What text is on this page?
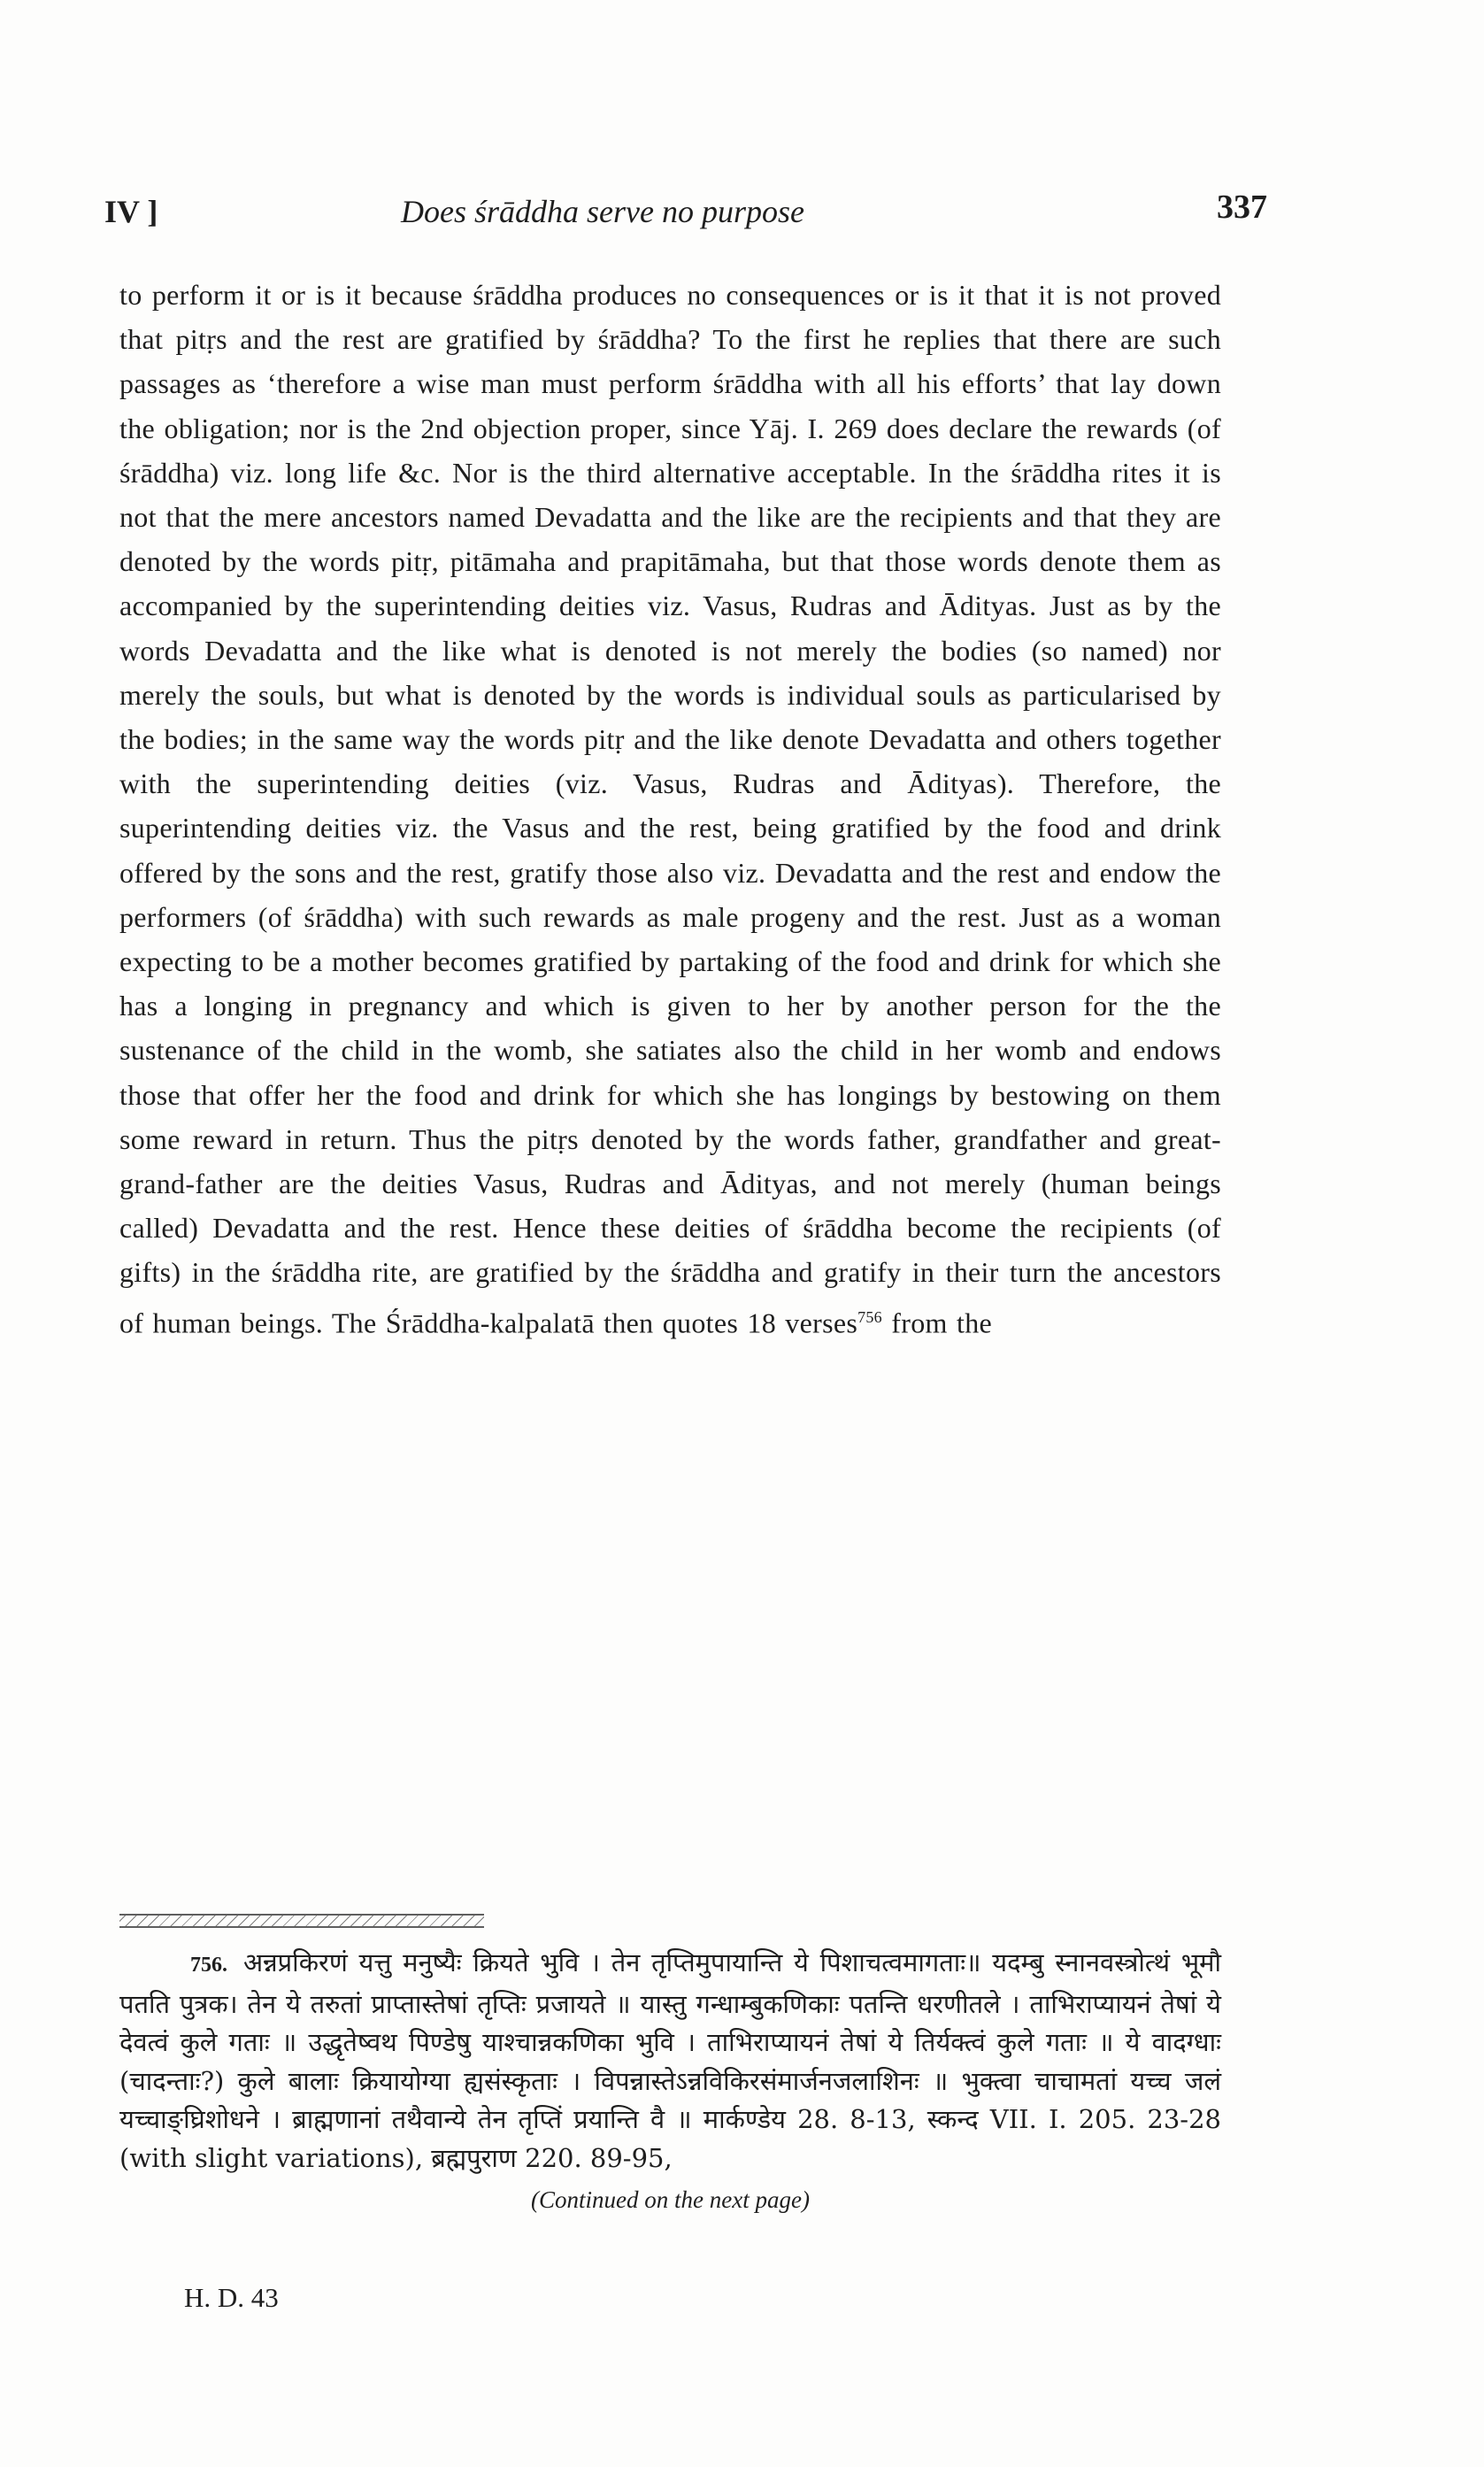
IV ]	Does śrāddha serve no purpose	337

to perform it or is it because śrāddha produces no consequences or is it that it is not proved that pitṛs and the rest are gratified by śrāddha? To the first he replies that there are such passages as ‘therefore a wise man must perform śrāddha with all his efforts’ that lay down the obligation; nor is the 2nd objection proper, since Yāj. I. 269 does declare the rewards (of śrāddha) viz. long life &c. Nor is the third alternative acceptable. In the śrāddha rites it is not that the mere ancestors named Devadatta and the like are the recipients and that they are denoted by the words pitṛ, pitāmaha and prapitāmaha, but that those words denote them as accompanied by the superintending deities viz. Vasus, Rudras and Ādityas. Just as by the words Devadatta and the like what is denoted is not merely the bodies (so named) nor merely the souls, but what is denoted by the words is individual souls as particularised by the bodies; in the same way the words pitṛ and the like denote Devadatta and others together with the superintending deities (viz. Vasus, Rudras and Ādityas). Therefore, the superintending deities viz. the Vasus and the rest, being gratified by the food and drink offered by the sons and the rest, gratify those also viz. Devadatta and the rest and endow the performers (of śrāddha) with such rewards as male progeny and the rest. Just as a woman expecting to be a mother becomes gratified by partaking of the food and drink for which she has a longing in pregnancy and which is given to her by another person for the the sustenance of the child in the womb, she satiates also the child in her womb and endows those that offer her the food and drink for which she has longings by bestowing on them some reward in return. Thus the pitṛs denoted by the words father, grandfather and great-grand-father are the deities Vasus, Rudras and Ādityas, and not merely (human beings called) Devadatta and the rest. Hence these deities of śrāddha become the recipients (of gifts) in the śrāddha rite, are gratified by the śrāddha and gratify in their turn the ancestors of human beings. The Śrāddha-kalpalatā then quotes 18 verses$^{756}$ from the

756. अन्नप्रकिरणं यत्तु मनुष्यैः क्रियते भुवि । तेन तृप्तिमुपायान्ति ये पिशाचत्वमागताः॥ यदम्बु स्नानवस्त्रोत्थं भूमौ पतति पुत्रक। तेन ये तरुतां प्राप्तास्तेषां तृप्तिः प्रजायते ॥ यास्तु गन्धाम्बुकणिकाः पतन्ति धरणीतले । ताभिराप्यायनं तेषां ये देवत्वं कुले गताः ॥ उद्धृतेष्वथ पिण्डेषु याश्चान्नकणिका भुवि । ताभिराप्यायनं तेषां ये तिर्यक्त्वं कुले गताः ॥ ये वादग्धाः (चादन्ताः?) कुले बालाः क्रियायोग्या ह्यसंस्कृताः । विपन्नास्तेऽन्नविकिरसंमार्जनजलाशिनः ॥ भुक्त्वा चाचामतां यच्च जलं यच्चाङ्घ्रिशोधने । ब्राह्मणानां तथैवान्ये तेन तृप्तिं प्रयान्ति वै ॥ मार्कण्डेय 28. 8-13, स्कन्द VII. I. 205. 23-28 (with slight variations), ब्रह्मपुराण 220. 89-95,

(Continued on the next page)
H. D. 43
